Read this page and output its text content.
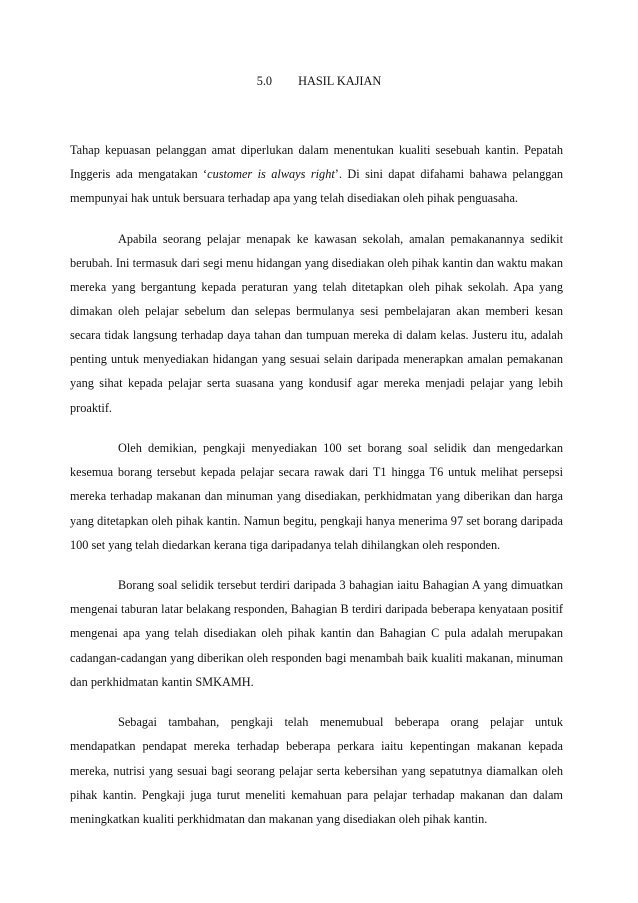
5.0 HASIL KAJIAN

Tahap kepuasan pelanggan amat diperlukan dalam menentukan kualiti sesebuah kantin. Pepatah Inggeris ada mengatakan ‘customer is always right’. Di sini dapat difahami bahawa pelanggan mempunyai hak untuk bersuara terhadap apa yang telah disediakan oleh pihak penguasaha.

Apabila seorang pelajar menapak ke kawasan sekolah, amalan pemakanannya sedikit berubah. Ini termasuk dari segi menu hidangan yang disediakan oleh pihak kantin dan waktu makan mereka yang bergantung kepada peraturan yang telah ditetapkan oleh pihak sekolah. Apa yang dimakan oleh pelajar sebelum dan selepas bermulanya sesi pembelajaran akan memberi kesan secara tidak langsung terhadap daya tahan dan tumpuan mereka di dalam kelas. Justeru itu, adalah penting untuk menyediakan hidangan yang sesuai selain daripada menerapkan amalan pemakanan yang sihat kepada pelajar serta suasana yang kondusif agar mereka menjadi pelajar yang lebih proaktif.

Oleh demikian, pengkaji menyediakan 100 set borang soal selidik dan mengedarkan kesemua borang tersebut kepada pelajar secara rawak dari T1 hingga T6 untuk melihat persepsi mereka terhadap makanan dan minuman yang disediakan, perkhidmatan yang diberikan dan harga yang ditetapkan oleh pihak kantin. Namun begitu, pengkaji hanya menerima 97 set borang daripada 100 set yang telah diedarkan kerana tiga daripadanya telah dihilangkan oleh responden.

Borang soal selidik tersebut terdiri daripada 3 bahagian iaitu Bahagian A yang dimuatkan mengenai taburan latar belakang responden, Bahagian B terdiri daripada beberapa kenyataan positif mengenai apa yang telah disediakan oleh pihak kantin dan Bahagian C pula adalah merupakan cadangan-cadangan yang diberikan oleh responden bagi menambah baik kualiti makanan, minuman dan perkhidmatan kantin SMKAMH.

Sebagai tambahan, pengkaji telah menemubual beberapa orang pelajar untuk mendapatkan pendapat mereka terhadap beberapa perkara iaitu kepentingan makanan kepada mereka, nutrisi yang sesuai bagi seorang pelajar serta kebersihan yang sepatutnya diamalkan oleh pihak kantin. Pengkaji juga turut meneliti kemahuan para pelajar terhadap makanan dan dalam meningkatkan kualiti perkhidmatan dan makanan yang disediakan oleh pihak kantin.
